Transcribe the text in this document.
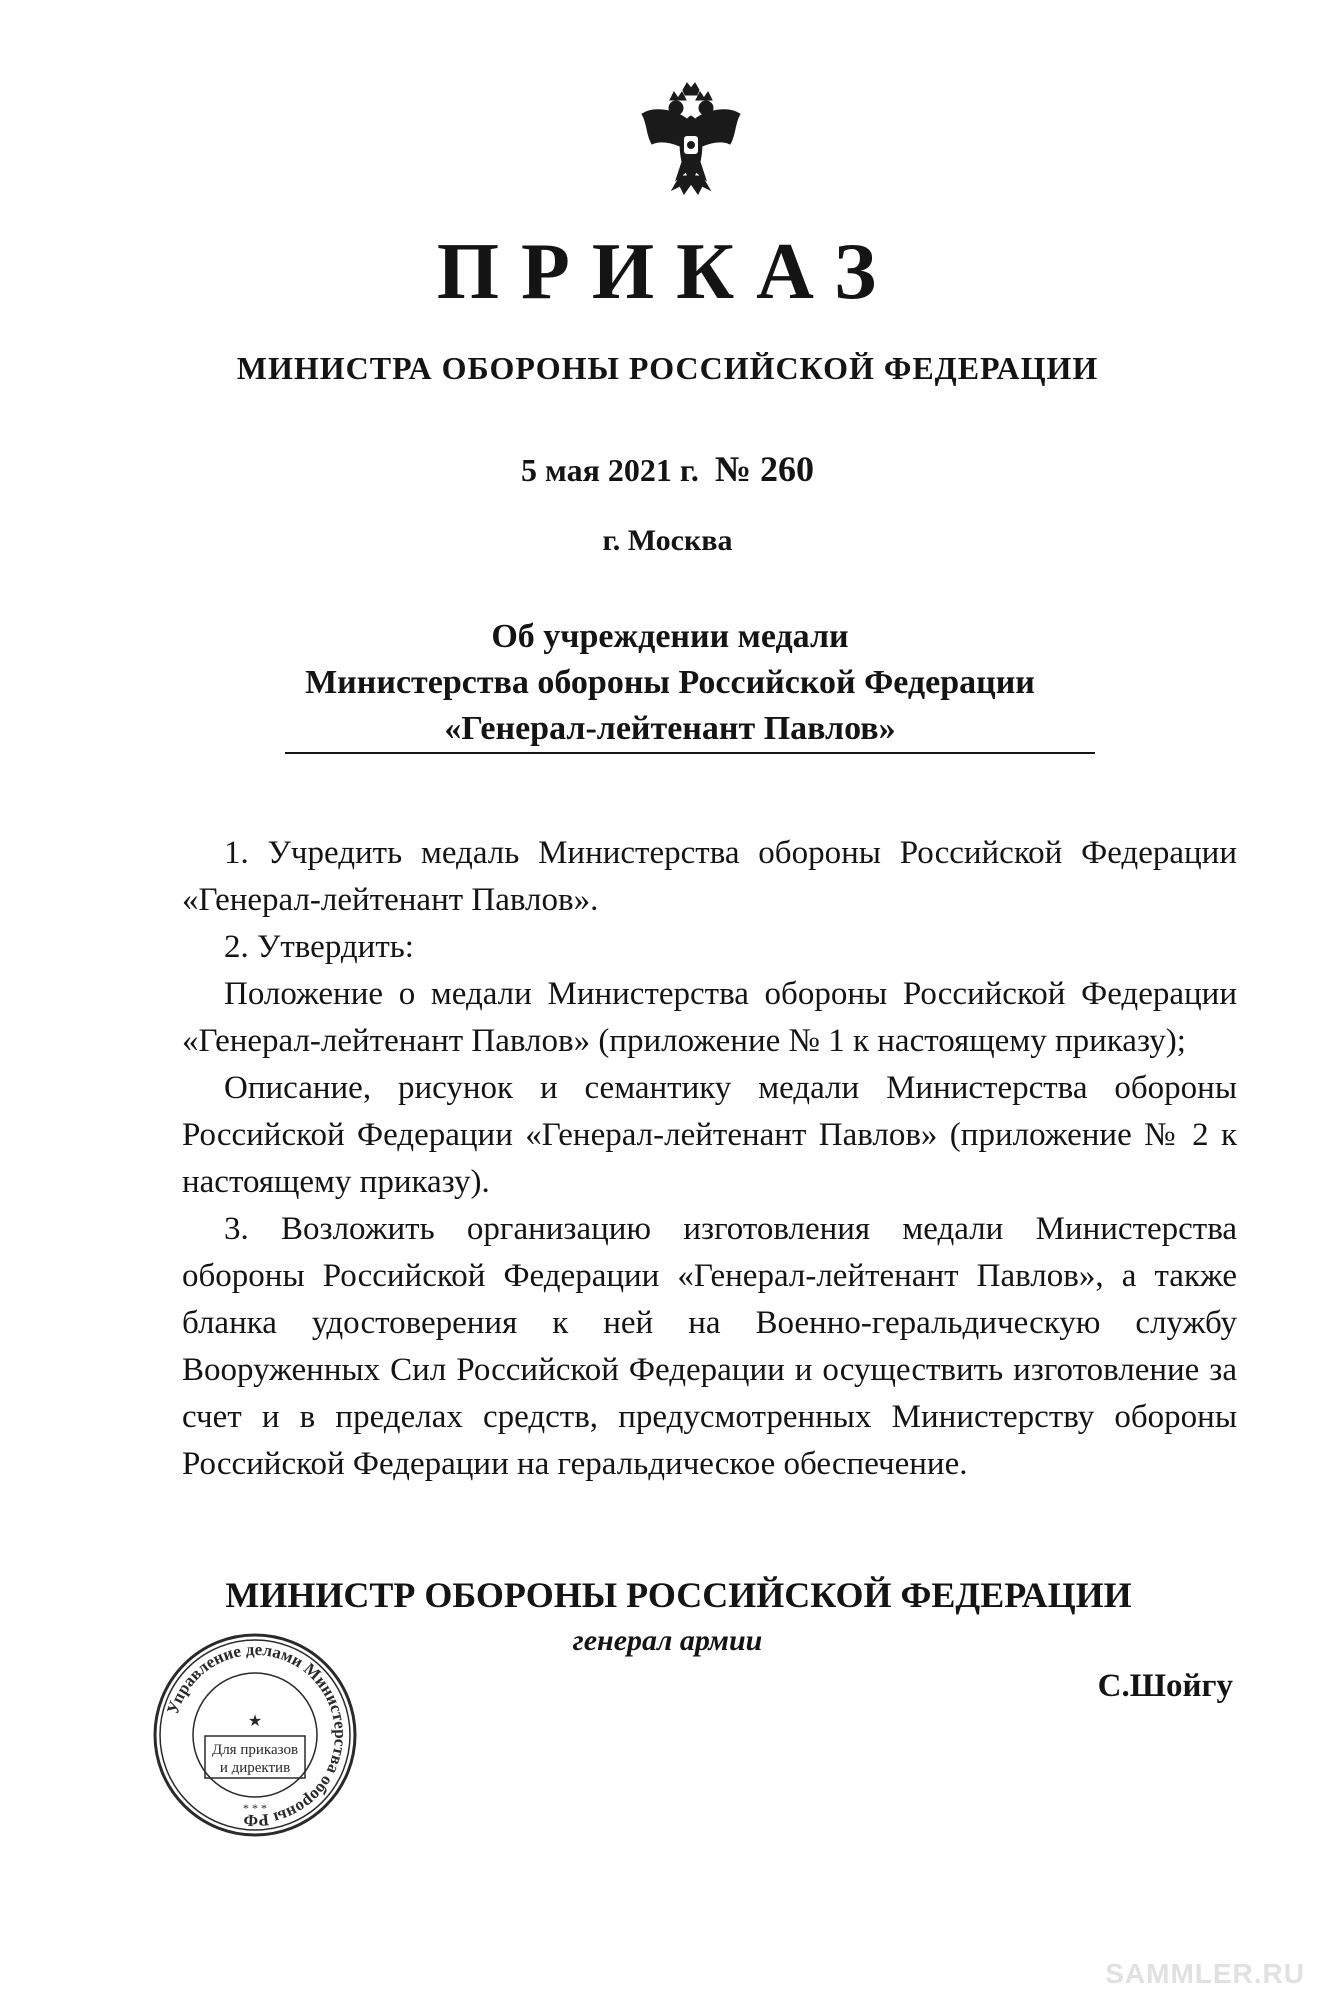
ПРИКАЗ
МИНИСТРА ОБОРОНЫ РОССИЙСКОЙ ФЕДЕРАЦИИ
5 мая 2021 г. № 260
г. Москва
Об учреждении медали
Министерства обороны Российской Федерации
«Генерал-лейтенант Павлов»

1. Учредить медаль Министерства обороны Российской Федерации «Генерал-лейтенант Павлов».

2. Утвердить:

Положение о медали Министерства обороны Российской Федерации «Генерал-лейтенант Павлов» (приложение № 1 к настоящему приказу);

Описание, рисунок и семантику медали Министерства обороны Российской Федерации «Генерал-лейтенант Павлов» (приложение № 2 к настоящему приказу).

3. Возложить организацию изготовления медали Министерства обороны Российской Федерации «Генерал-лейтенант Павлов», а также бланка удостоверения к ней на Военно-геральдическую службу Вооруженных Сил Российской Федерации и осуществить изготовление за счет и в пределах средств, предусмотренных Министерству обороны Российской Федерации на геральдическое обеспечение.

МИНИСТР ОБОРОНЫ РОССИЙСКОЙ ФЕДЕРАЦИИ
генерал армии
С.Шойгу
Управление делами Министерства обороны РФ
★
Для приказов
и директив
* * *
SAMMLER.RU
